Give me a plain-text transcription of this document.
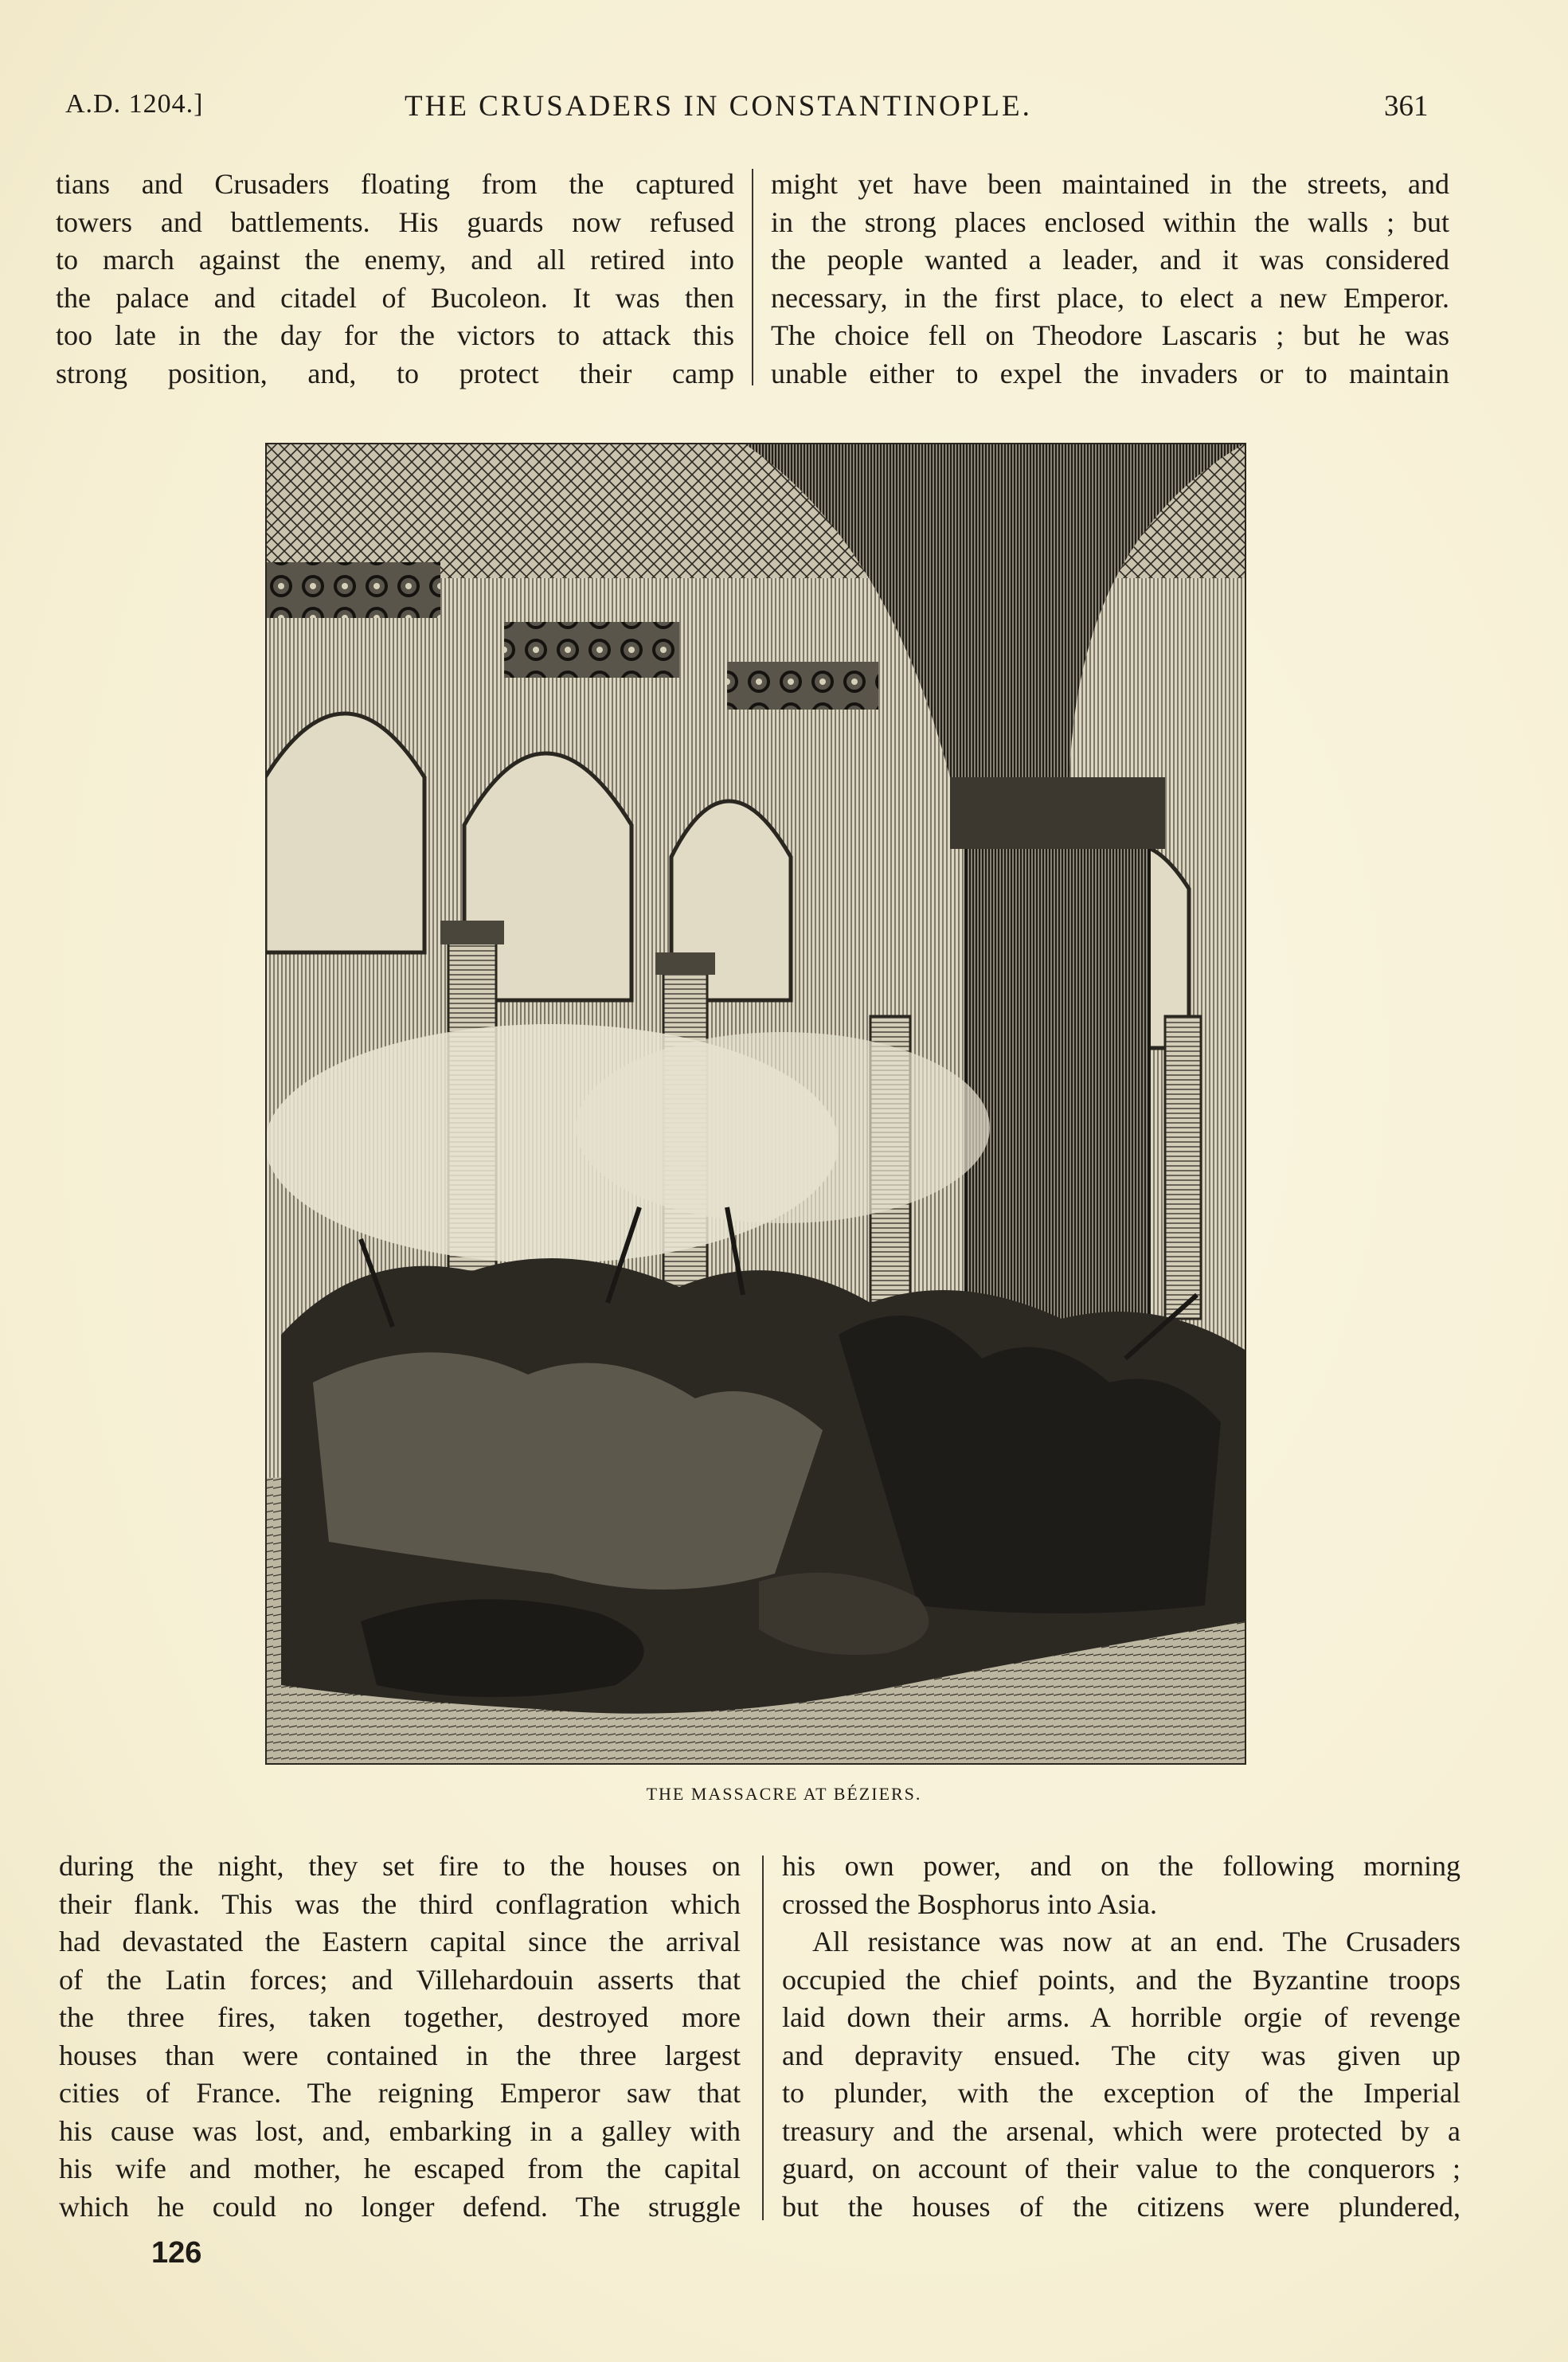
A.D. 1204.]	THE CRUSADERS IN CONSTANTINOPLE.	361
tians and Crusaders floating from the captured
towers and battlements. His guards now refused
to march against the enemy, and all retired into
the palace and citadel of Bucoleon. It was then
too late in the day for the victors to attack this
strong position, and, to protect their camp
might yet have been maintained in the streets, and
in the strong places enclosed within the walls ; but
the people wanted a leader, and it was considered
necessary, in the first place, to elect a new Emperor.
The choice fell on Theodore Lascaris ; but he was
unable either to expel the invaders or to maintain
THE MASSACRE AT BÉZIERS.
during the night, they set fire to the houses on
their flank. This was the third conflagration which
had devastated the Eastern capital since the arrival
of the Latin forces; and Villehardouin asserts that
the three fires, taken together, destroyed more
houses than were contained in the three largest
cities of France. The reigning Emperor saw that
his cause was lost, and, embarking in a galley with
his wife and mother, he escaped from the capital
which he could no longer defend. The struggle
his own power, and on the following morning
crossed the Bosphorus into Asia.
All resistance was now at an end. The Crusaders
occupied the chief points, and the Byzantine troops
laid down their arms. A horrible orgie of revenge
and depravity ensued. The city was given up
to plunder, with the exception of the Imperial
treasury and the arsenal, which were protected by a
guard, on account of their value to the conquerors ;
but the houses of the citizens were plundered,
126
